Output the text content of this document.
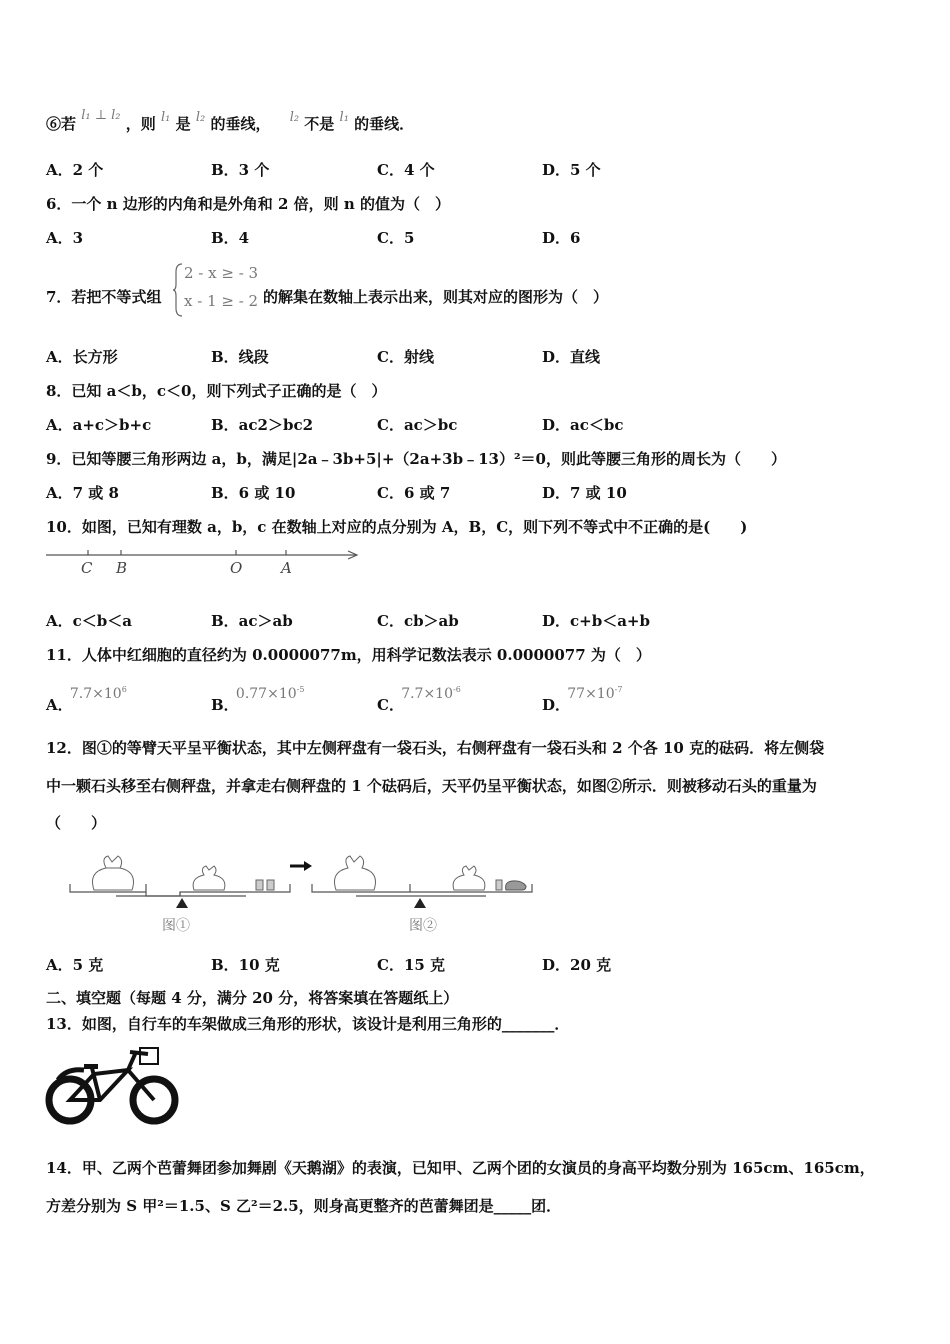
⑥若 l₁ ⊥ l₂ ，则 l₁ 是 l₂ 的垂线， l₂ 不是 l₁ 的垂线．
A．2 个	B．3 个	C．4 个	D．5 个
6．一个 n 边形的内角和是外角和 2 倍，则 n 的值为（　）
A．3	B．4	C．5	D．6
7．若把不等式组
2 - x ≥ - 3
x - 1 ≥ - 2 的解集在数轴上表示出来，则其对应的图形为（　）
A．长方形	B．线段	C．射线	D．直线
8．已知 a＜b，c＜0，则下列式子正确的是（　）
A．a+c＞b+c	B．ac2＞bc2	C．ac＞bc	D．ac＜bc
9．已知等腰三角形两边 a，b，满足|2a﹣3b+5|+（2a+3b﹣13）²＝0，则此等腰三角形的周长为（　　）
A．7 或 8	B．6 或 10	C．6 或 7	D．7 或 10
10．如图，已知有理数 a，b，c 在数轴上对应的点分别为 A，B，C，则下列不等式中不正确的是(　　)
C B	O	A
A．c＜b＜a	B．ac＞ab	C．cb＞ab	D．c+b＜a+b
11．人体中红细胞的直径约为 0.0000077m，用科学记数法表示 0.0000077 为（　）
A． $7.7\times 10^6$
B． $0.77\times 10^{-5}$
C． $7.7\times 10^{-6}$
D． $77\times 10^{-7}$
12．图①的等臂天平呈平衡状态，其中左侧秤盘有一袋石头，右侧秤盘有一袋石头和 2 个各 10 克的砝码．将左侧袋
中一颗石头移至右侧秤盘，并拿走右侧秤盘的 1 个砝码后，天平仍呈平衡状态，如图②所示．则被移动石头的重量为
（　　）
图①	图②
A．5 克	B．10 克	C．15 克	D．20 克
二、填空题（每题 4 分，满分 20 分，将答案填在答题纸上）
13．如图，自行车的车架做成三角形的形状，该设计是利用三角形的_______．
14．甲、乙两个芭蕾舞团参加舞剧《天鹅湖》的表演，已知甲、乙两个团的女演员的身高平均数分别为 165cm、165cm，
方差分别为 S 甲²＝1.5、S 乙²＝2.5，则身高更整齐的芭蕾舞团是_____团．
